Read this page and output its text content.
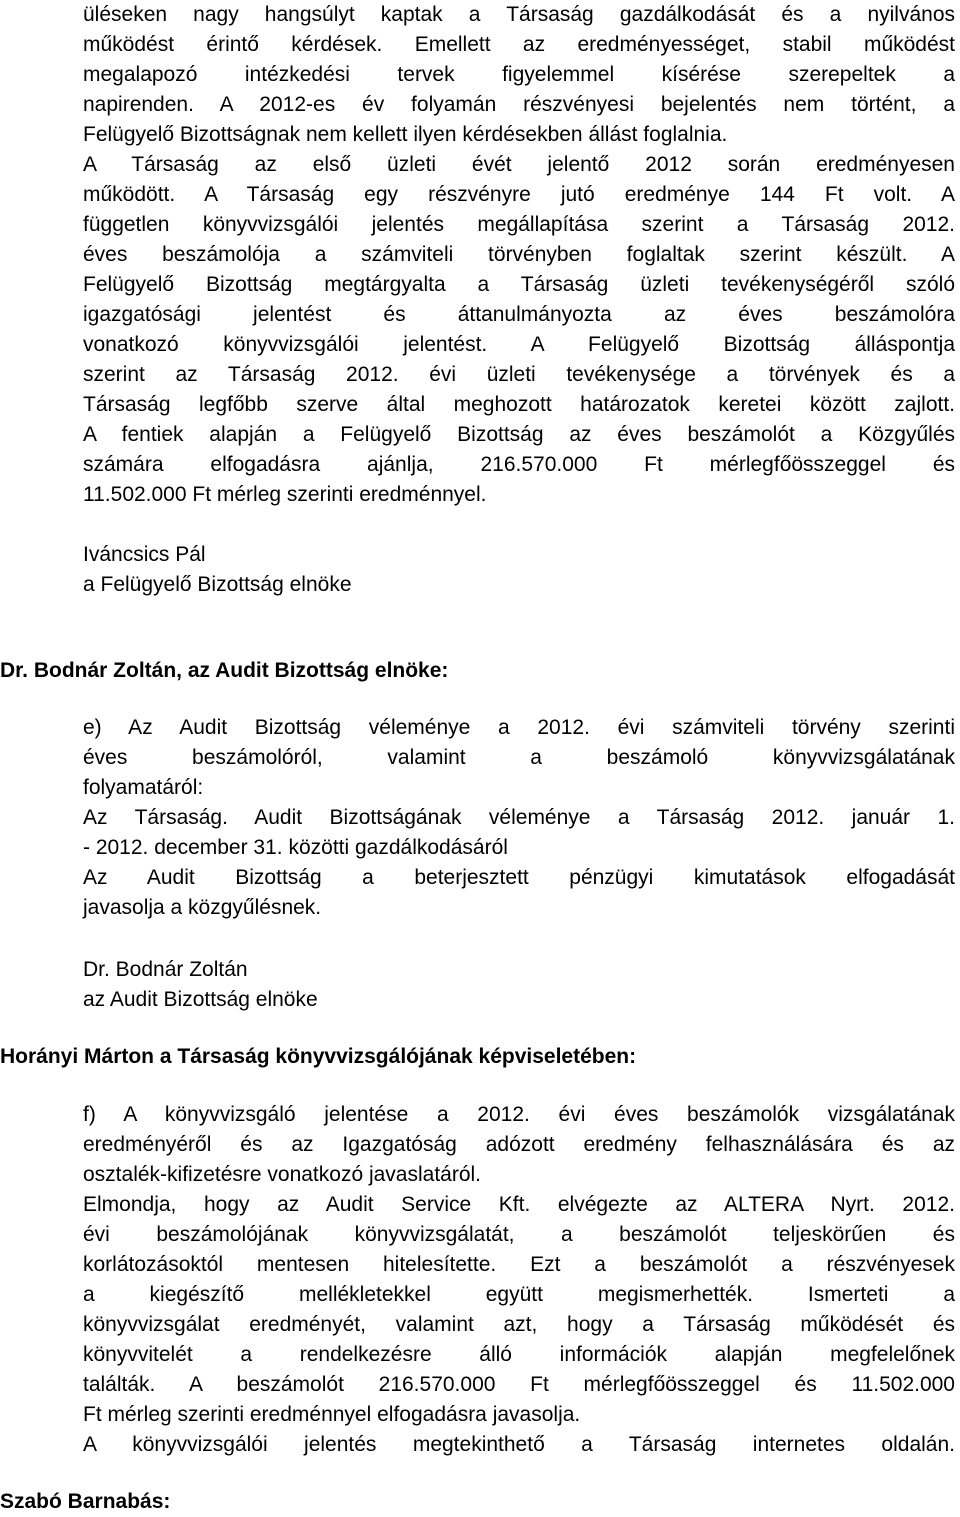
üléseken nagy hangsúlyt kaptak a Társaság gazdálkodását és a nyilvános
működést érintő kérdések. Emellett az eredményességet, stabil működést
megalapozó intézkedési tervek figyelemmel kísérése szerepeltek a
napirenden. A 2012-es év folyamán részvényesi bejelentés nem történt, a
Felügyelő Bizottságnak nem kellett ilyen kérdésekben állást foglalnia.
A Társaság az első üzleti évét jelentő 2012 során eredményesen
működött. A Társaság egy részvényre jutó eredménye 144 Ft volt. A
független könyvvizsgálói jelentés megállapítása szerint a Társaság 2012.
éves beszámolója a számviteli törvényben foglaltak szerint készült. A
Felügyelő Bizottság megtárgyalta a Társaság üzleti tevékenységéről szóló
igazgatósági jelentést és áttanulmányozta az éves beszámolóra
vonatkozó könyvvizsgálói jelentést. A Felügyelő Bizottság álláspontja
szerint az Társaság 2012. évi üzleti tevékenysége a törvények és a
Társaság legfőbb szerve által meghozott határozatok keretei között zajlott.
A fentiek alapján a Felügyelő Bizottság az éves beszámolót a Közgyűlés
számára elfogadásra ajánlja, 216.570.000 Ft mérlegfőösszeggel és
11.502.000 Ft mérleg szerinti eredménnyel.
Iváncsics Pál
a Felügyelő Bizottság elnöke
Dr. Bodnár Zoltán, az Audit Bizottság elnöke:
e) Az Audit Bizottság véleménye a 2012. évi számviteli törvény szerinti
éves beszámolóról, valamint a beszámoló könyvvizsgálatának
folyamatáról:
Az Társaság. Audit Bizottságának véleménye a Társaság 2012. január 1.
- 2012. december 31. közötti gazdálkodásáról
Az Audit Bizottság a beterjesztett pénzügyi kimutatások elfogadását
javasolja a közgyűlésnek.
Dr. Bodnár Zoltán
az Audit Bizottság elnöke
Horányi Márton a Társaság könyvvizsgálójának képviseletében:
f) A könyvvizsgáló jelentése a 2012. évi éves beszámolók vizsgálatának
eredményéről és az Igazgatóság adózott eredmény felhasználására és az
osztalék-kifizetésre vonatkozó javaslatáról.
Elmondja, hogy az Audit Service Kft. elvégezte az ALTERA Nyrt. 2012.
évi beszámolójának könyvvizsgálatát, a beszámolót teljeskörűen és
korlátozásoktól mentesen hitelesítette. Ezt a beszámolót a részvényesek
a kiegészítő mellékletekkel együtt megismerhették. Ismerteti a
könyvvizsgálat eredményét, valamint azt, hogy a Társaság működését és
könyvvitelét a rendelkezésre álló információk alapján megfelelőnek
találták. A beszámolót 216.570.000 Ft mérlegfőösszeggel és 11.502.000
Ft mérleg szerinti eredménnyel elfogadásra javasolja.
A könyvvizsgálói jelentés megtekinthető a Társaság internetes oldalán.
Szabó Barnabás:
